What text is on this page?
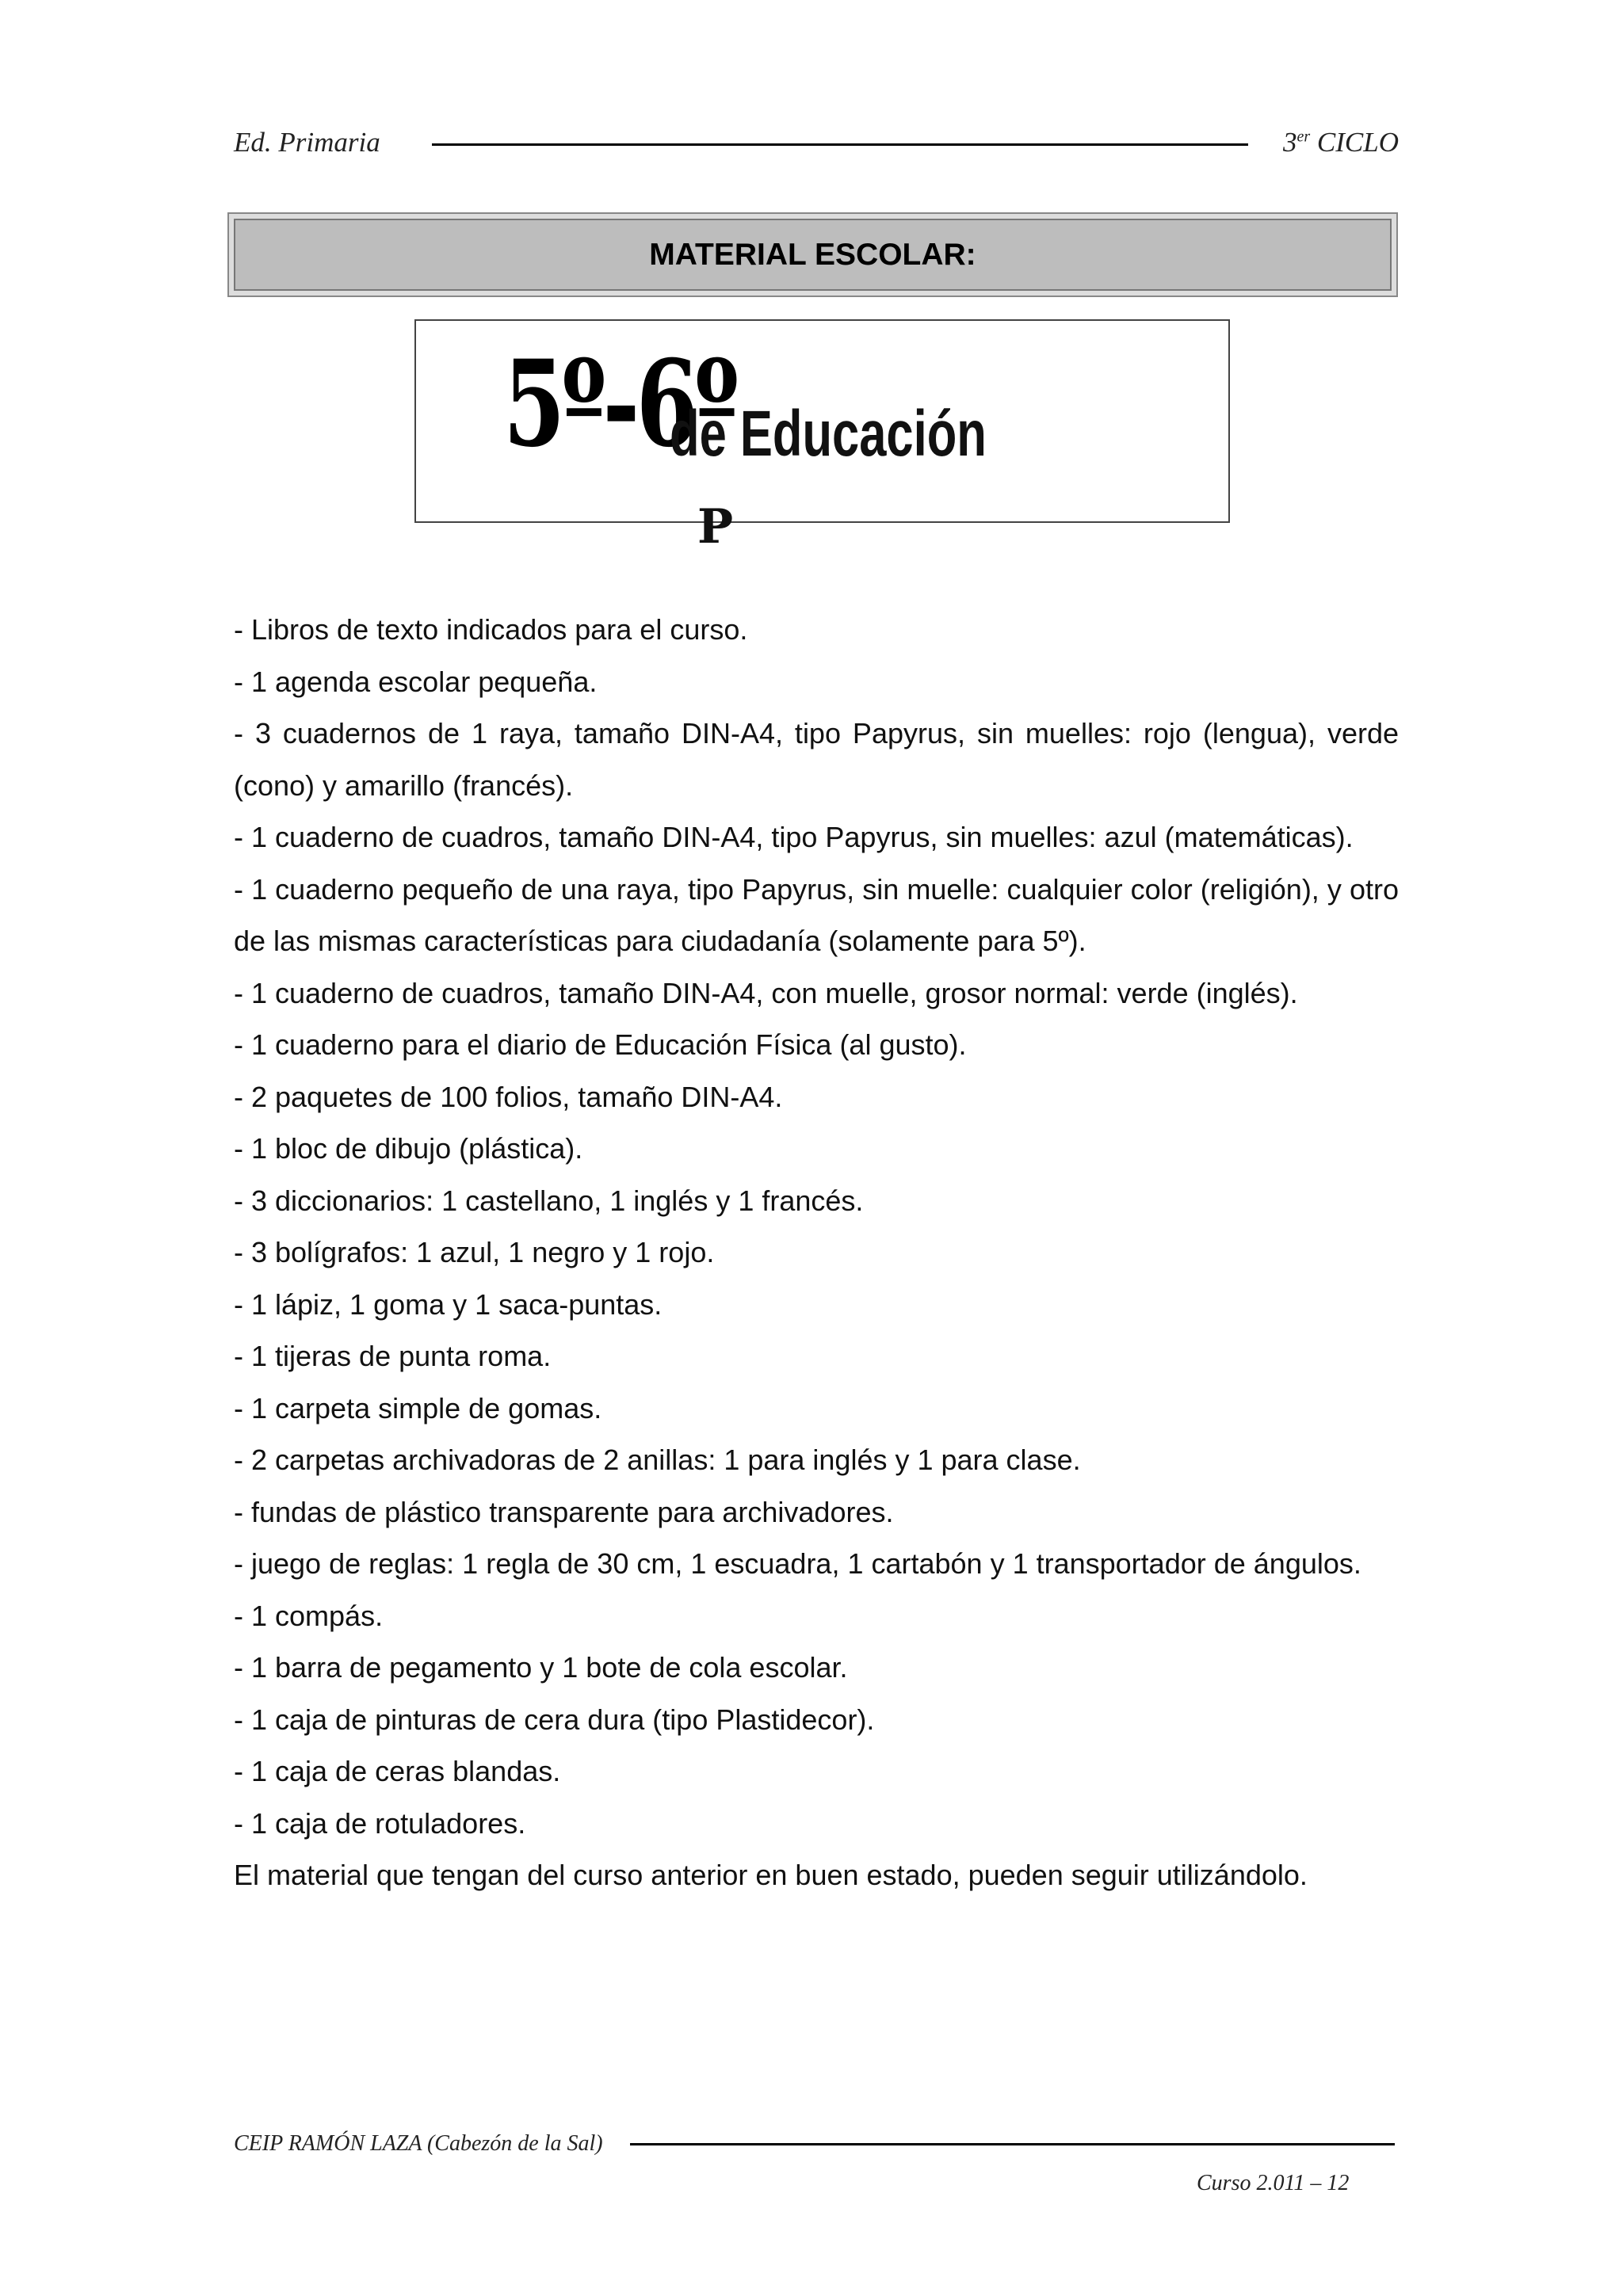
Ed. Primaria	3er CICLO
MATERIAL ESCOLAR:
5º-6º
de Educación
P
- Libros de texto indicados para el curso.
- 1 agenda escolar pequeña.
- 3 cuadernos de 1 raya, tamaño DIN-A4, tipo Papyrus, sin muelles: rojo (lengua), verde (cono) y amarillo (francés).
- 1 cuaderno de cuadros, tamaño DIN-A4, tipo Papyrus, sin muelles: azul (matemáticas).
- 1 cuaderno pequeño de una raya, tipo Papyrus, sin muelle: cualquier color (religión), y otro de las mismas características para ciudadanía (solamente para 5º).
- 1 cuaderno de cuadros, tamaño DIN-A4, con muelle, grosor normal: verde (inglés).
- 1 cuaderno para el diario de Educación Física (al gusto).
- 2 paquetes de 100 folios, tamaño DIN-A4.
- 1 bloc de dibujo (plástica).
- 3 diccionarios: 1 castellano, 1 inglés y 1 francés.
- 3 bolígrafos: 1 azul, 1 negro y 1 rojo.
- 1 lápiz, 1 goma y 1 saca-puntas.
- 1 tijeras de punta roma.
- 1 carpeta simple de gomas.
- 2 carpetas archivadoras de 2 anillas: 1 para inglés y 1 para clase.
- fundas de plástico transparente para archivadores.
- juego de reglas: 1 regla de 30 cm, 1 escuadra, 1 cartabón y 1 transportador de ángulos.
- 1 compás.
- 1 barra de pegamento y 1 bote de cola escolar.
- 1 caja de pinturas de cera dura (tipo Plastidecor).
- 1 caja de ceras blandas.
- 1 caja de rotuladores.
El material que tengan del curso anterior en buen estado, pueden seguir utilizándolo.
CEIP RAMÓN LAZA (Cabezón de la Sal)
Curso 2.011 – 12
